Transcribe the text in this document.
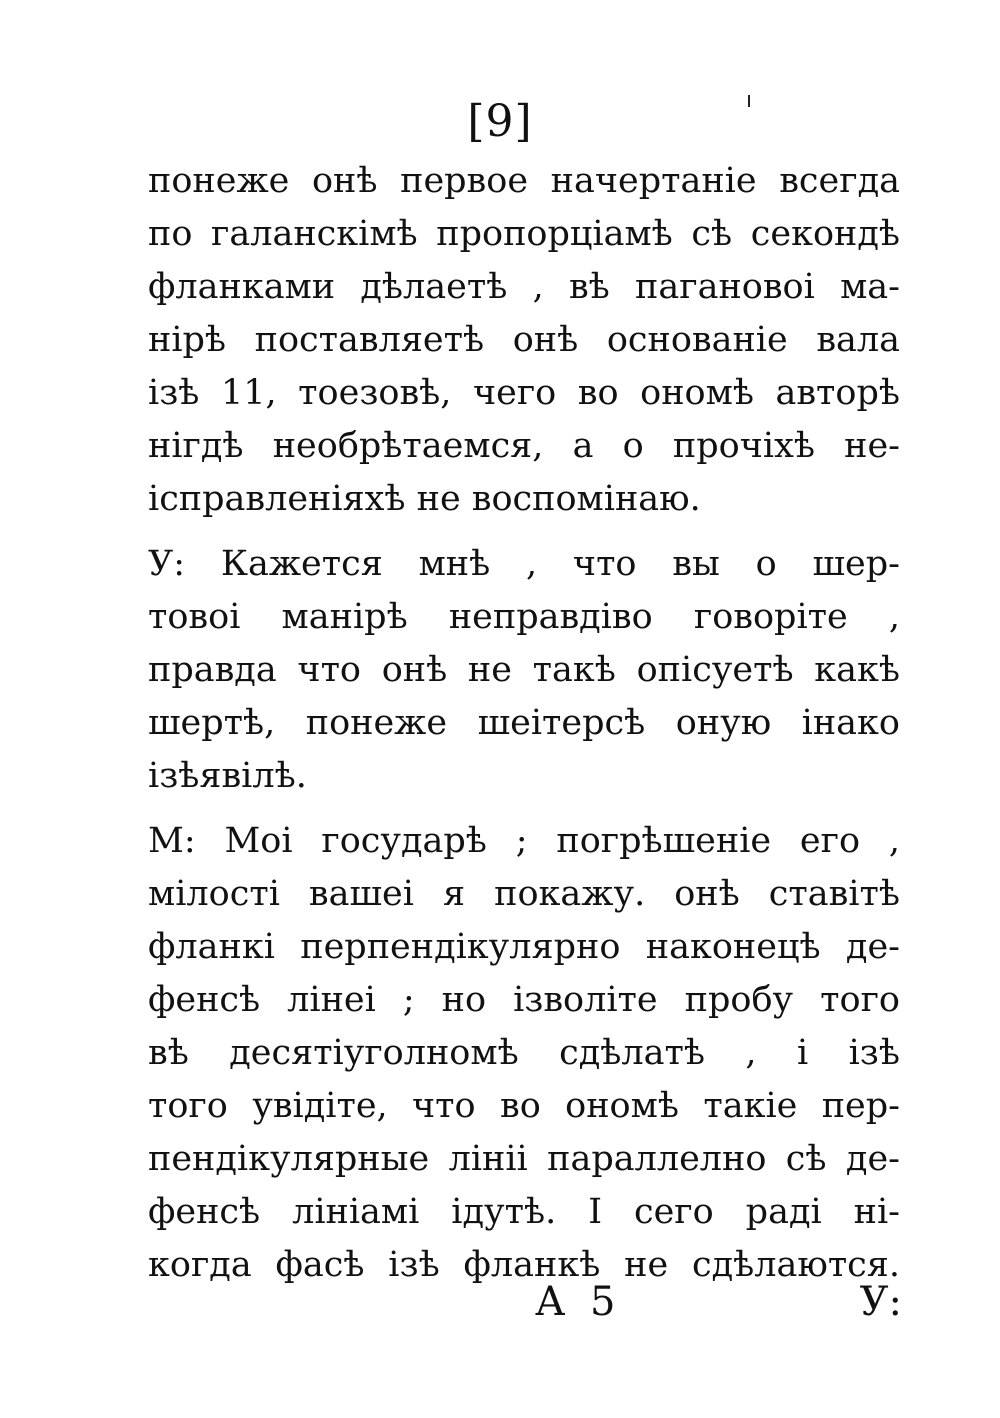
[9]
понеже онѣ первое начертаніе всегда
по галанскімѣ пропорціамѣ сѣ секондѣ
фланками дѣлаетѣ , вѣ пагановоі ма-
нірѣ поставляетѣ онѣ основаніе вала
ізѣ 11, тоезовѣ, чего во ономѣ авторѣ
нігдѣ необрѣтаемся, а о прочіхѣ не-
ісправленіяхѣ не воспомінаю.
У: Кажется мнѣ , что вы о шер-
товоі манірѣ неправдіво говоріте ,
правда что онѣ не такѣ опісуетѣ какѣ
шертѣ, понеже шеітерсѣ оную інако
ізѣявілѣ.
М: Моі государѣ ; погрѣшеніе его ,
мілостi вашеі я покажу. онѣ ставітѣ
фланкі перпендікулярно наконецѣ де-
фенсѣ лінеі ; но ізволіте пробу того
вѣ десятіуголномѣ сдѣлатѣ , і ізѣ
того увідіте, что во ономѣ такіе пер-
пендікулярные лініі параллелно сѣ де-
фенсѣ лініамі ідутѣ. І сего раді ні-
когда фасѣ ізѣ фланкѣ не сдѣлаются.
А 5	У:
